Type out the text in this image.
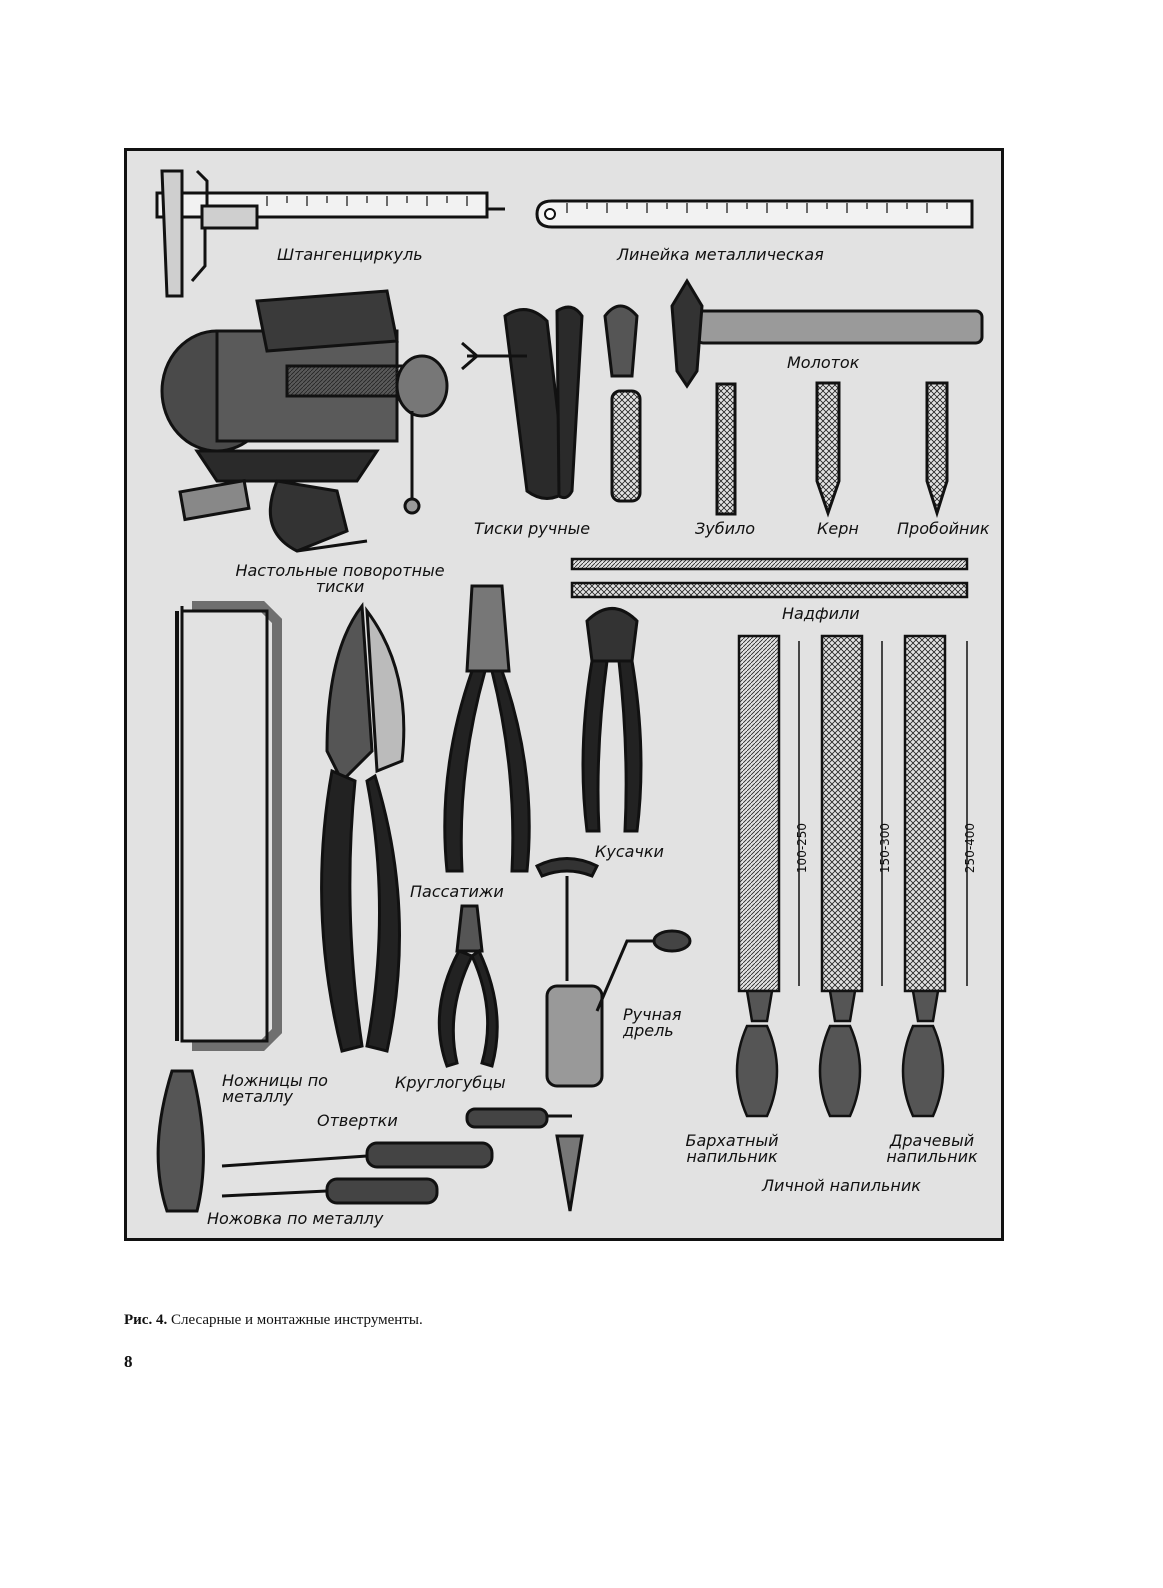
Штангенциркуль	Линейка металлическая
Молоток
Тиски ручные	Зубило	Керн Пробойник
Настольные поворотные
тиски
Надфили
Кусачки
Пассатижи
Ручная
дрель
Ножницы по
металлу
Круглогубцы
Отвертки
Бархатный
напильник
Драчевый
напильник
Личной напильник
Ножовка по металлу
100-250	150-300	250-400
Рис. 4. Слесарные и монтажные инструменты.
8
